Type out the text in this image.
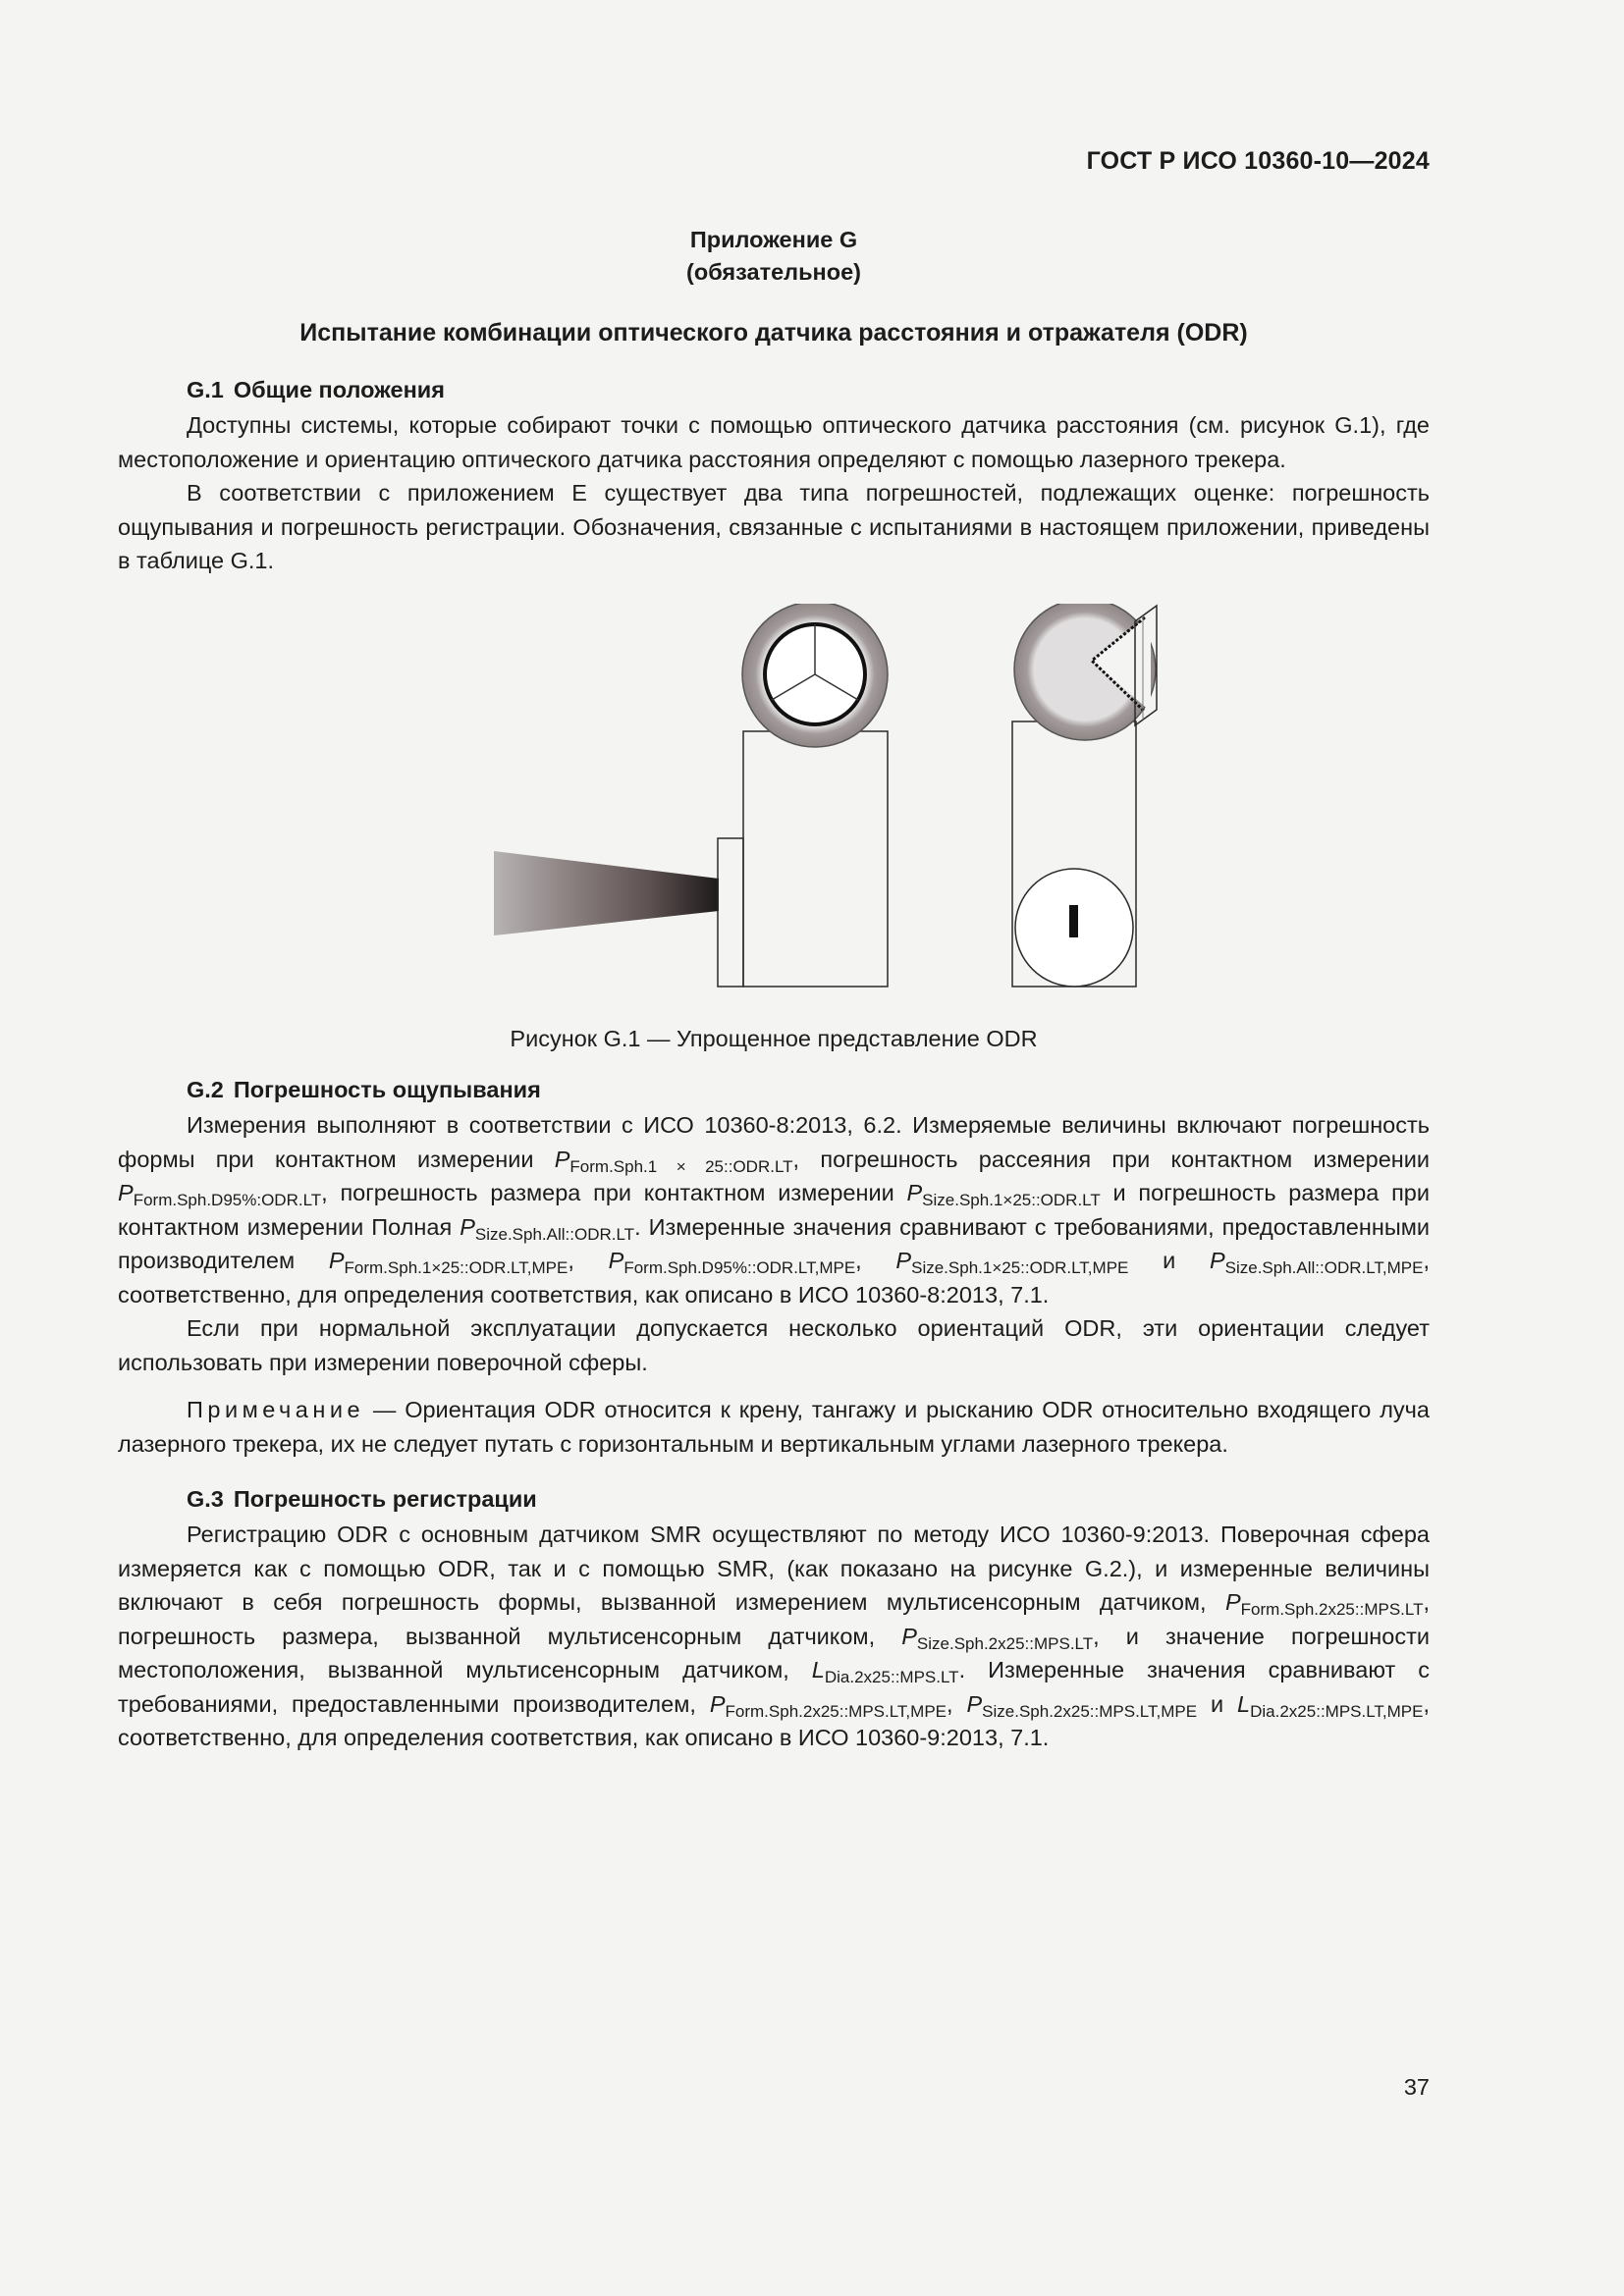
ГОСТ Р ИСО 10360-10—2024
Приложение G
(обязательное)
Испытание комбинации оптического датчика расстояния и отражателя (ODR)
G.1 Общие положения

Доступны системы, которые собирают точки с помощью оптического датчика расстояния (см. рисунок G.1), где местоположение и ориентацию оптического датчика расстояния определяют с помощью лазерного трекера.

В соответствии с приложением E существует два типа погрешностей, подлежащих оценке: погрешность ощупывания и погрешность регистрации. Обозначения, связанные с испытаниями в настоящем приложении, приведены в таблице G.1.

Рисунок G.1 — Упрощенное представление ODR
G.2 Погрешность ощупывания

Измерения выполняют в соответствии с ИСО 10360-8:2013, 6.2. Измеряемые величины включают погрешность формы при контактном измерении $P_{Form.Sph.1 \times 25::ODR.LT}$, погрешность рассеяния при контактном измерении $P_{Form.Sph.D95\%:ODR.LT}$, погрешность размера при контактном измерении $P_{Size.Sph.1\times 25::ODR.LT}$ и погрешность размера при контактном измерении Полная $P_{Size.Sph.All::ODR.LT}$. Измеренные значения сравнивают с требованиями, предоставленными производителем $P_{Form.Sph.1\times 25::ODR.LT,MPE}$, $P_{Form.Sph.D95\%::ODR.LT,MPE}$, $P_{Size.Sph.1\times 25::ODR.LT,MPE}$ и $P_{Size.Sph.All::ODR.LT,MPE}$, соответственно, для определения соответствия, как описано в ИСО 10360-8:2013, 7.1.

Если при нормальной эксплуатации допускается несколько ориентаций ODR, эти ориентации следует использовать при измерении поверочной сферы.

Примечание — Ориентация ODR относится к крену, тангажу и рысканию ODR относительно входящего луча лазерного трекера, их не следует путать с горизонтальным и вертикальным углами лазерного трекера.

G.3 Погрешность регистрации

Регистрацию ODR с основным датчиком SMR осуществляют по методу ИСО 10360-9:2013. Поверочная сфера измеряется как с помощью ODR, так и с помощью SMR, (как показано на рисунке G.2.), и измеренные величины включают в себя погрешность формы, вызванной измерением мультисенсорным датчиком, $P_{Form.Sph.2x25::MPS.LT}$, погрешность размера, вызванной мультисенсорным датчиком, $P_{Size.Sph.2x25::MPS.LT}$, и значение погрешности местоположения, вызванной мультисенсорным датчиком, $L_{Dia.2x25::MPS.LT}$. Измеренные значения сравнивают с требованиями, предоставленными производителем, $P_{Form.Sph.2x25::MPS.LT,MPE}$, $P_{Size.Sph.2x25::MPS.LT,MPE}$ и $L_{Dia.2x25::MPS.LT,MPE}$, соответственно, для определения соответствия, как описано в ИСО 10360-9:2013, 7.1.

37
